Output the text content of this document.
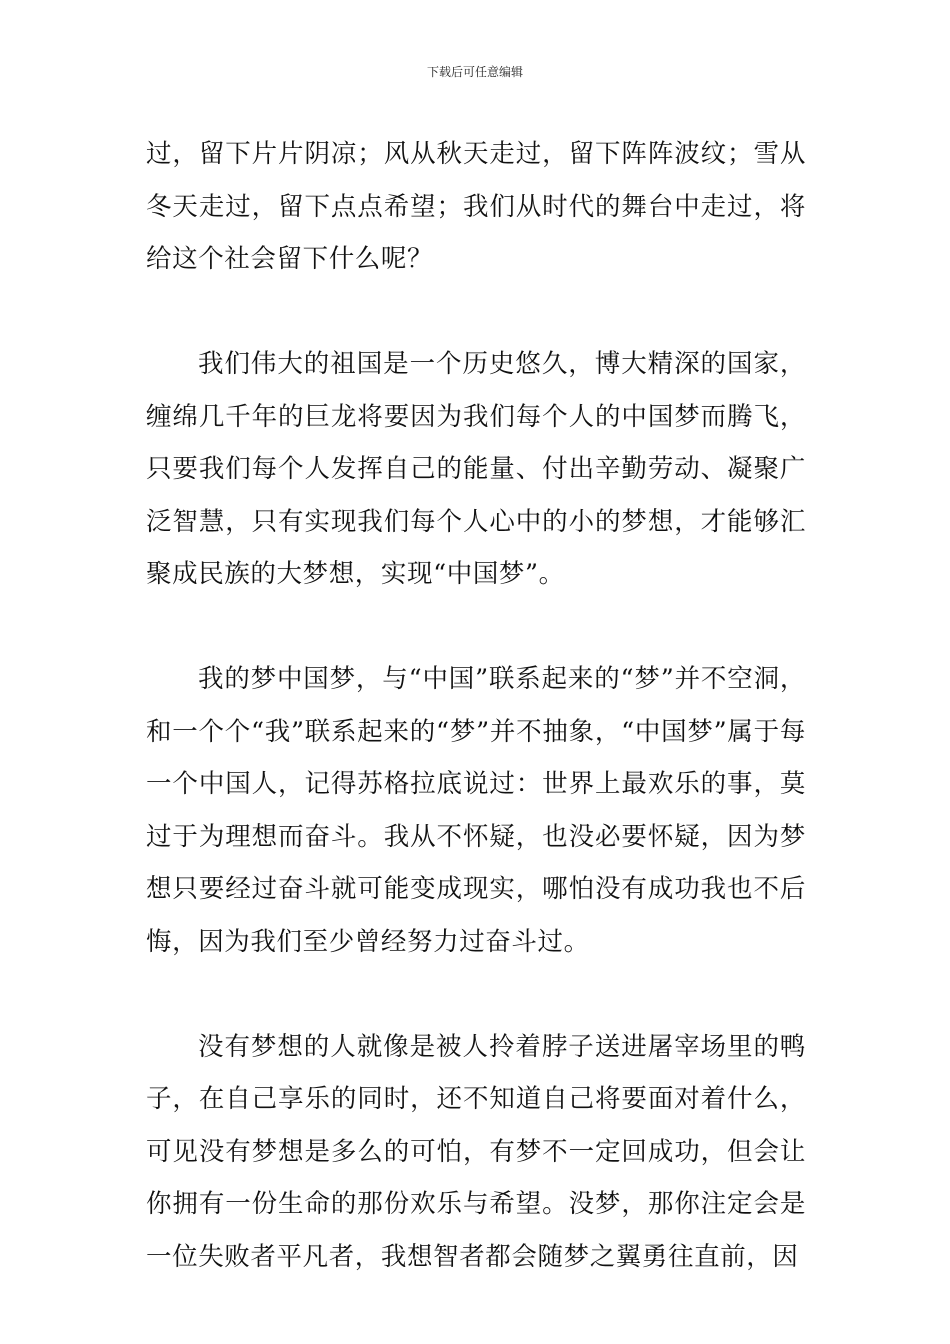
下载后可任意编辑

过，留下片片阴凉；风从秋天走过，留下阵阵波纹；雪从冬天走过，留下点点希望；我们从时代的舞台中走过，将给这个社会留下什么呢？

我们伟大的祖国是一个历史悠久，博大精深的国家，缠绵几千年的巨龙将要因为我们每个人的中国梦而腾飞，只要我们每个人发挥自己的能量、付出辛勤劳动、凝聚广泛智慧，只有实现我们每个人心中的小的梦想，才能够汇聚成民族的大梦想，实现“中国梦”。

我的梦中国梦，与“中国”联系起来的“梦”并不空洞，和一个个“我”联系起来的“梦”并不抽象，“中国梦”属于每一个中国人，记得苏格拉底说过：世界上最欢乐的事，莫过于为理想而奋斗。我从不怀疑，也没必要怀疑，因为梦想只要经过奋斗就可能变成现实，哪怕没有成功我也不后悔，因为我们至少曾经努力过奋斗过。

没有梦想的人就像是被人拎着脖子送进屠宰场里的鸭子，在自己享乐的同时，还不知道自己将要面对着什么，可见没有梦想是多么的可怕，有梦不一定回成功，但会让你拥有一份生命的那份欢乐与希望。没梦，那你注定会是一位失败者平凡者，我想智者都会随梦之翼勇往直前，因
